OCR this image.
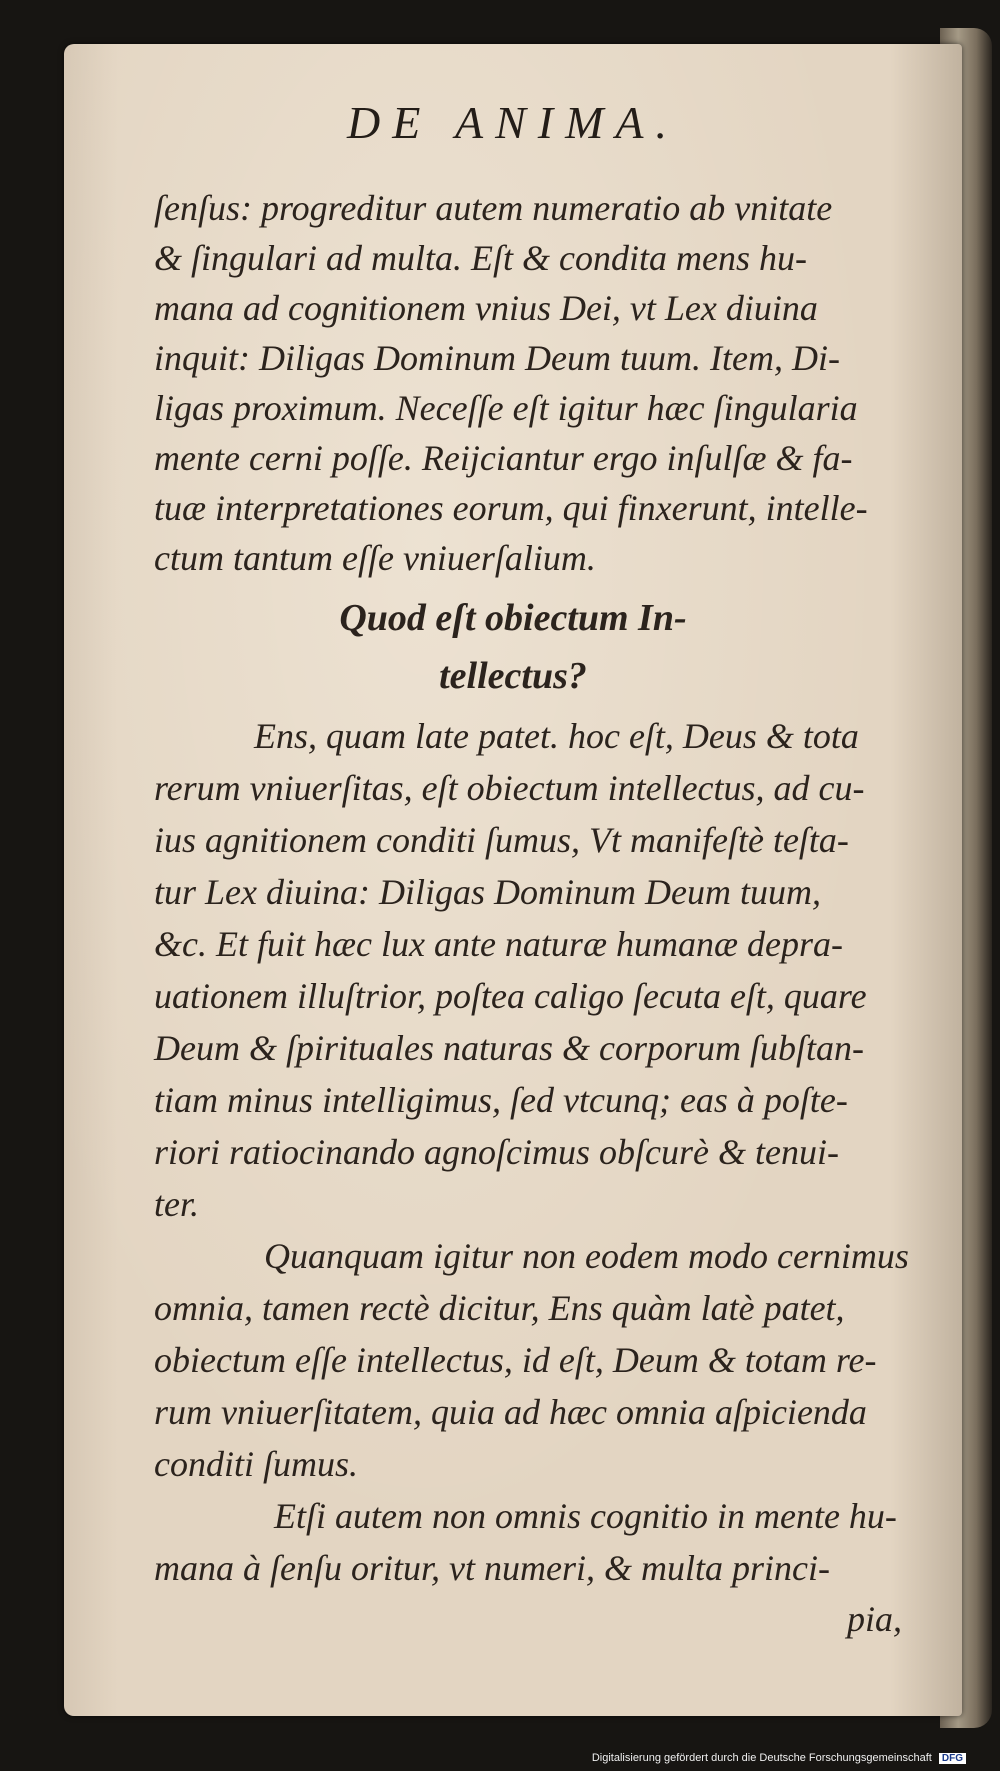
DE ANIMA.

ſenſus: progreditur autem numeratio ab vnitate

& ſingulari ad multa. Eſt & condita mens hu-

mana ad cognitionem vnius Dei, vt Lex diuina

inquit: Diligas Dominum Deum tuum. Item, Di-

ligas proximum. Neceſſe eſt igitur hæc ſingularia

mente cerni poſſe. Reijciantur ergo inſulſæ & fa-

tuæ interpretationes eorum, qui finxerunt, intelle-

ctum tantum eſſe vniuerſalium.

Quod eſt obiectum In-

tellectus?

Ens, quam late patet. hoc eſt, Deus & tota

rerum vniuerſitas, eſt obiectum intellectus, ad cu-

ius agnitionem conditi ſumus, Vt manifeſtè teſta-

tur Lex diuina: Diligas Dominum Deum tuum,

&c. Et fuit hæc lux ante naturæ humanæ depra-

uationem illuſtrior, poſtea caligo ſecuta eſt, quare

Deum & ſpirituales naturas & corporum ſubſtan-

tiam minus intelligimus, ſed vtcunq; eas à poſte-

riori ratiocinando agnoſcimus obſcurè & tenui-

ter.

Quanquam igitur non eodem modo cernimus

omnia, tamen rectè dicitur, Ens quàm latè patet,

obiectum eſſe intellectus, id eſt, Deum & totam re-

rum vniuerſitatem, quia ad hæc omnia aſpicienda

conditi ſumus.

Etſi autem non omnis cognitio in mente hu-

mana à ſenſu oritur, vt numeri, & multa princi-

pia,
Digitalisierung gefördert durch die Deutsche Forschungsgemeinschaft DFG
